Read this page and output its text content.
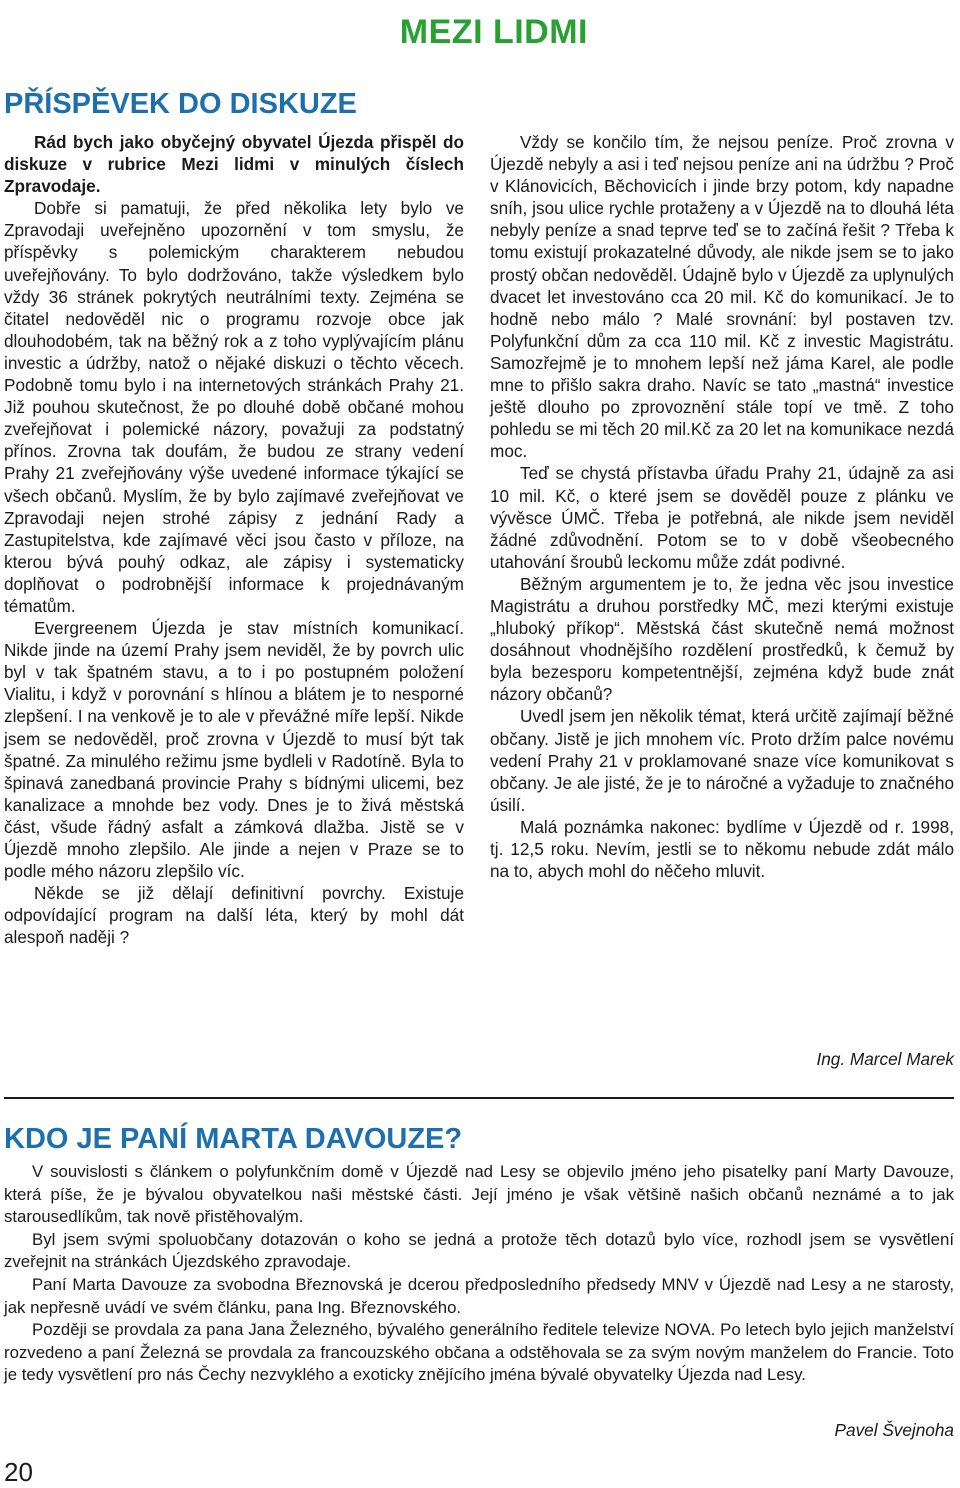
MEZI LIDMI
PŘÍSPĚVEK DO DISKUZE

Rád bych jako obyčejný obyvatel Újezda přispěl do diskuze v rubrice Mezi lidmi v minulých číslech Zpravodaje.

Dobře si pamatuji, že před několika lety bylo ve Zpravodaji uveřejněno upozornění v tom smyslu, že příspěvky s polemickým charakterem nebudou uveřejňovány. To bylo dodržováno, takže výsledkem bylo vždy 36 stránek pokrytých neutrálními texty. Zejména se čitatel nedověděl nic o programu rozvoje obce jak dlouhodobém, tak na běžný rok a z toho vyplývajícím plánu investic a údržby, natož o nějaké diskuzi o těchto věcech. Podobně tomu bylo i na internetových stránkách Prahy 21. Již pouhou skutečnost, že po dlouhé době občané mohou zveřejňovat i polemické názory, považuji za podstatný přínos. Zrovna tak doufám, že budou ze strany vedení Prahy 21 zveřejňovány výše uvedené informace týkající se všech občanů. Myslím, že by bylo zajímavé zveřejňovat ve Zpravodaji nejen strohé zápisy z jednání Rady a Zastupitelstva, kde zajímavé věci jsou často v příloze, na kterou bývá pouhý odkaz, ale zápisy i systematicky doplňovat o podrobnější informace k projednávaným tématům.

Evergreenem Újezda je stav místních komunikací. Nikde jinde na území Prahy jsem neviděl, že by povrch ulic byl v tak špatném stavu, a to i po postupném položení Vialitu, i když v porovnání s hlínou a blátem je to nesporné zlepšení. I na venkově je to ale v převážné míře lepší. Nikde jsem se nedověděl, proč zrovna v Újezdě to musí být tak špatné. Za minulého režimu jsme bydleli v Radotíně. Byla to špinavá zanedbaná provincie Prahy s bídnými ulicemi, bez kanalizace a mnohde bez vody. Dnes je to živá městská část, všude řádný asfalt a zámková dlažba. Jistě se v Újezdě mnoho zlepšilo. Ale jinde a nejen v Praze se to podle mého názoru zlepšilo víc.

Někde se již dělají definitivní povrchy. Existuje odpovídající program na další léta, který by mohl dát alespoň naději ?

Vždy se končilo tím, že nejsou peníze. Proč zrovna v Újezdě nebyly a asi i teď nejsou peníze ani na údržbu ? Proč v Klánovicích, Běchovicích i jinde brzy potom, kdy napadne sníh, jsou ulice rychle protaženy a v Újezdě na to dlouhá léta nebyly peníze a snad teprve teď se to začíná řešit ? Třeba k tomu existují prokazatelné důvody, ale nikde jsem se to jako prostý občan nedověděl. Údajně bylo v Újezdě za uplynulých dvacet let investováno cca 20 mil. Kč do komunikací. Je to hodně nebo málo ? Malé srovnání: byl postaven tzv. Polyfunkční dům za cca 110 mil. Kč z investic Magistrátu. Samozřejmě je to mnohem lepší než jáma Karel, ale podle mne to přišlo sakra draho. Navíc se tato „mastná“ investice ještě dlouho po zprovoznění stále topí ve tmě. Z toho pohledu se mi těch 20 mil.Kč za 20 let na komunikace nezdá moc.

Teď se chystá přístavba úřadu Prahy 21, údajně za asi 10 mil. Kč, o které jsem se dověděl pouze z plánku ve vývěsce ÚMČ. Třeba je potřebná, ale nikde jsem neviděl žádné zdůvodnění. Potom se to v době všeobecného utahování šroubů leckomu může zdát podivné.

Běžným argumentem je to, že jedna věc jsou investice Magistrátu a druhou porstředky MČ, mezi kterými existuje „hluboký příkop“. Městská část skutečně nemá možnost dosáhnout vhodnějšího rozdělení prostředků, k čemuž by byla bezesporu kompetentnější, zejména když bude znát názory občanů?

Uvedl jsem jen několik témat, která určitě zajímají běžné občany. Jistě je jich mnohem víc. Proto držím palce novému vedení Prahy 21 v proklamované snaze více komunikovat s občany. Je ale jisté, že je to náročné a vyžaduje to značného úsilí.

Malá poznámka nakonec: bydlíme v Újezdě od r. 1998, tj. 12,5 roku. Nevím, jestli se to někomu nebude zdát málo na to, abych mohl do něčeho mluvit.

Ing. Marcel Marek
KDO JE PANÍ MARTA DAVOUZE?

V souvislosti s článkem o polyfunkčním domě v Újezdě nad Lesy se objevilo jméno jeho pisatelky paní Marty Davouze, která píše, že je bývalou obyvatelkou naši městské části. Její jméno je však většině našich občanů neznámé a to jak starousedlíkům, tak nově přistěhovalým.

Byl jsem svými spoluobčany dotazován o koho se jedná a protože těch dotazů bylo více, rozhodl jsem se vysvětlení zveřejnit na stránkách Újezdského zpravodaje.

Paní Marta Davouze za svobodna Březnovská je dcerou předposledního předsedy MNV v Újezdě nad Lesy a ne starosty, jak nepřesně uvádí ve svém článku, pana Ing. Březnovského.

Později se provdala za pana Jana Železného, bývalého generálního ředitele televize NOVA. Po letech bylo jejich manželství rozvedeno a paní Železná se provdala za francouzského občana a odstěhovala se za svým novým manželem do Francie. Toto je tedy vysvětlení pro nás Čechy nezvyklého a exoticky znějícího jména bývalé obyvatelky Újezda nad Lesy.

Pavel Švejnoha
20
